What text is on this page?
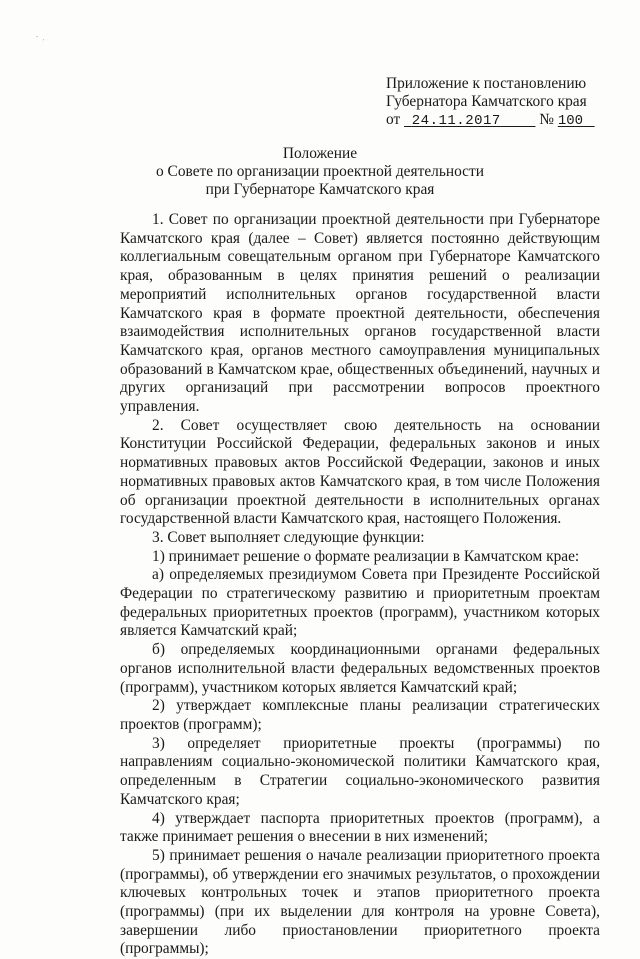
⸳
ˊ
Приложение к постановлению
Губернатора Камчатского края
от 24.11.2017	№ 100
Положение
о Совете по организации проектной деятельности
при Губернаторе Камчатского края

1. Совет по организации проектной деятельности при Губернаторе Камчатского края (далее – Совет) является постоянно действующим коллегиальным совещательным органом при Губернаторе Камчатского края, образованным в целях принятия решений о реализации мероприятий исполнительных органов государственной власти Камчатского края в формате проектной деятельности, обеспечения взаимодействия исполнительных органов государственной власти Камчатского края, органов местного самоуправления муниципальных образований в Камчатском крае, общественных объединений, научных и других организаций при рассмотрении вопросов проектного управления.

2. Совет осуществляет свою деятельность на основании Конституции Российской Федерации, федеральных законов и иных нормативных правовых актов Российской Федерации, законов и иных нормативных правовых актов Камчатского края, в том числе Положения об организации проектной деятельности в исполнительных органах государственной власти Камчатского края, настоящего Положения.

3. Совет выполняет следующие функции:

1) принимает решение о формате реализации в Камчатском крае:

а) определяемых президиумом Совета при Президенте Российской Федерации по стратегическому развитию и приоритетным проектам федеральных приоритетных проектов (программ), участником которых является Камчатский край;

б) определяемых координационными органами федеральных органов исполнительной власти федеральных ведомственных проектов (программ), участником которых является Камчатский край;

2) утверждает комплексные планы реализации стратегических проектов (программ);

3) определяет приоритетные проекты (программы) по направлениям социально-экономической политики Камчатского края, определенным в Стратегии социально-экономического развития Камчатского края;

4) утверждает паспорта приоритетных проектов (программ), а также принимает решения о внесении в них изменений;

5) принимает решения о начале реализации приоритетного проекта (программы), об утверждении его значимых результатов, о прохождении ключевых контрольных точек и этапов приоритетного проекта (программы) (при их выделении для контроля на уровне Совета), завершении либо приостановлении приоритетного проекта (программы);
